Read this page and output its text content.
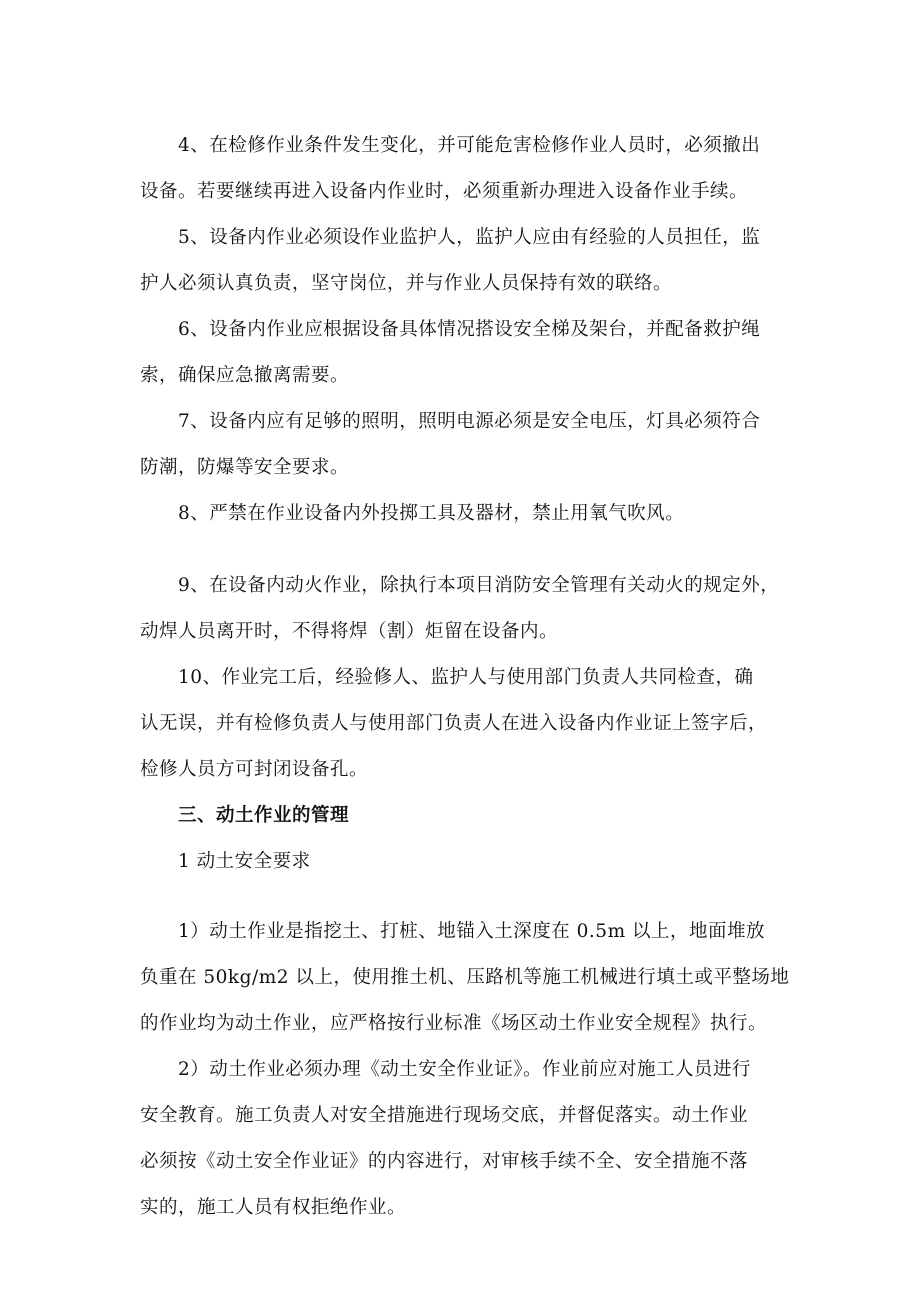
4、在检修作业条件发生变化，并可能危害检修作业人员时，必须撤出
设备。若要继续再进入设备内作业时，必须重新办理进入设备作业手续。
5、设备内作业必须设作业监护人，监护人应由有经验的人员担任，监
护人必须认真负责，坚守岗位，并与作业人员保持有效的联络。
6、设备内作业应根据设备具体情况搭设安全梯及架台，并配备救护绳
索，确保应急撤离需要。
7、设备内应有足够的照明，照明电源必须是安全电压，灯具必须符合
防潮，防爆等安全要求。
8、严禁在作业设备内外投掷工具及器材，禁止用氧气吹风。
9、在设备内动火作业，除执行本项目消防安全管理有关动火的规定外，
动焊人员离开时，不得将焊（割）炬留在设备内。
10、作业完工后，经验修人、监护人与使用部门负责人共同检查，确
认无误，并有检修负责人与使用部门负责人在进入设备内作业证上签字后，
检修人员方可封闭设备孔。
三、动土作业的管理
1 动土安全要求
1）动土作业是指挖土、打桩、地锚入土深度在 0.5m 以上，地面堆放
负重在 50kg/m2 以上，使用推土机、压路机等施工机械进行填土或平整场地
的作业均为动土作业，应严格按行业标准《场区动土作业安全规程》执行。
2）动土作业必须办理《动土安全作业证》。作业前应对施工人员进行
安全教育。施工负责人对安全措施进行现场交底，并督促落实。动土作业
必须按《动土安全作业证》的内容进行，对审核手续不全、安全措施不落
实的，施工人员有权拒绝作业。
